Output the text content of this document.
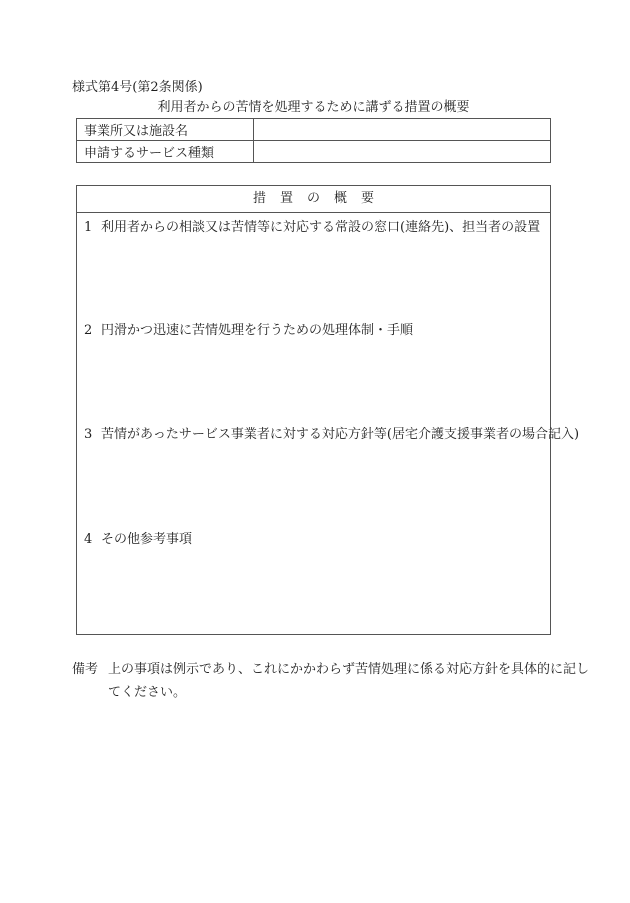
様式第4号(第2条関係)
利用者からの苦情を処理するために講ずる措置の概要
事業所又は施設名	
申請するサービス種類	
措置の概要
1 利用者からの相談又は苦情等に対応する常設の窓口(連絡先)、担当者の設置
2 円滑かつ迅速に苦情処理を行うための処理体制・手順
3 苦情があったサービス事業者に対する対応方針等(居宅介護支援事業者の場合記入)
4 その他参考事項
備考 上の事項は例示であり、これにかかわらず苦情処理に係る対応方針を具体的に記し
てください。
